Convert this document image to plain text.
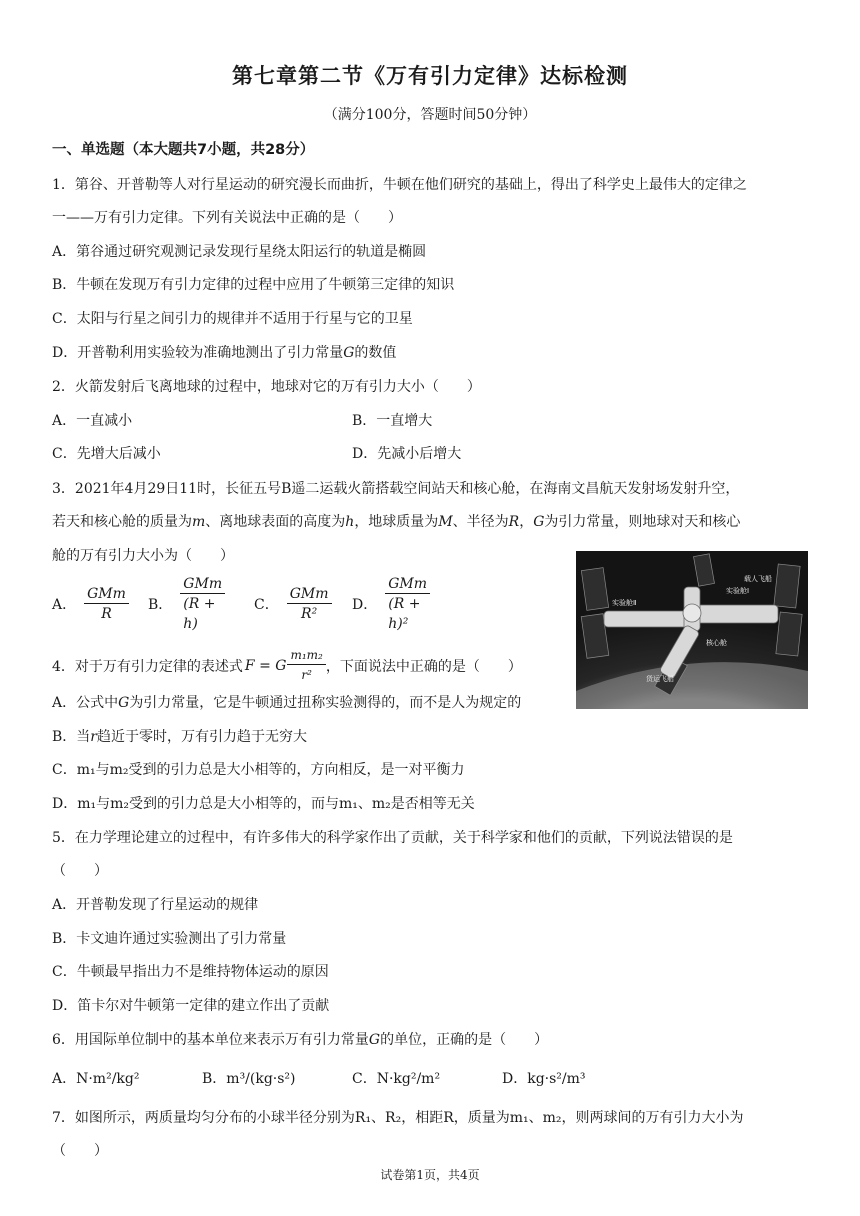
第七章第二节《万有引力定律》达标检测
（满分100分，答题时间50分钟）
一、单选题（本大题共7小题，共28分）
1．第谷、开普勒等人对行星运动的研究漫长而曲折，牛顿在他们研究的基础上，得出了科学史上最伟大的定律之
一——万有引力定律。下列有关说法中正确的是（　　）
A．第谷通过研究观测记录发现行星绕太阳运行的轨道是椭圆
B．牛顿在发现万有引力定律的过程中应用了牛顿第三定律的知识
C．太阳与行星之间引力的规律并不适用于行星与它的卫星
D．开普勒利用实验较为准确地测出了引力常量G的数值
2．火箭发射后飞离地球的过程中，地球对它的万有引力大小（　　）
A．一直减小	B．一直增大
C．先增大后减小	D．先减小后增大
3．2021年4月29日11时，长征五号B遥二运载火箭搭载空间站天和核心舱，在海南文昌航天发射场发射升空，
若天和核心舱的质量为m、离地球表面的高度为h，地球质量为M、半径为R，G为引力常量，则地球对天和核心
舱的万有引力大小为（　　）
A． $\frac{\text{GMm}}{R}$ B． $\frac{\text{GMm}}{(R + h)}$ C． $\frac{\text{GMm}}{\text{R²}}$ D． $\frac{\text{GMm}}{\text{(R + h)²}}$	实验舱Ⅰ
实验舱Ⅱ
核心舱
载人飞船
货运飞船
4．对于万有引力定律的表述式 F = G $\frac{\text{m₁m₂}}{\text{r²}}$ ，下面说法中正确的是（　　）
A．公式中G为引力常量，它是牛顿通过扭称实验测得的，而不是人为规定的
B．当r趋近于零时，万有引力趋于无穷大
C．m₁与m₂受到的引力总是大小相等的，方向相反，是一对平衡力
D．m₁与m₂受到的引力总是大小相等的，而与m₁、m₂是否相等无关
5．在力学理论建立的过程中，有许多伟大的科学家作出了贡献，关于科学家和他们的贡献，下列说法错误的是
（　　）
A．开普勒发现了行星运动的规律
B．卡文迪许通过实验测出了引力常量
C．牛顿最早指出力不是维持物体运动的原因
D．笛卡尔对牛顿第一定律的建立作出了贡献
6．用国际单位制中的基本单位来表示万有引力常量G的单位，正确的是（　　）
A．N·m²/kg²	B．m³/(kg·s²)	C．N·kg²/m²	D．kg·s²/m³
7．如图所示，两质量均匀分布的小球半径分别为R₁、R₂，相距R，质量为m₁、m₂，则两球间的万有引力大小为
（　　）
试卷第1页，共4页
